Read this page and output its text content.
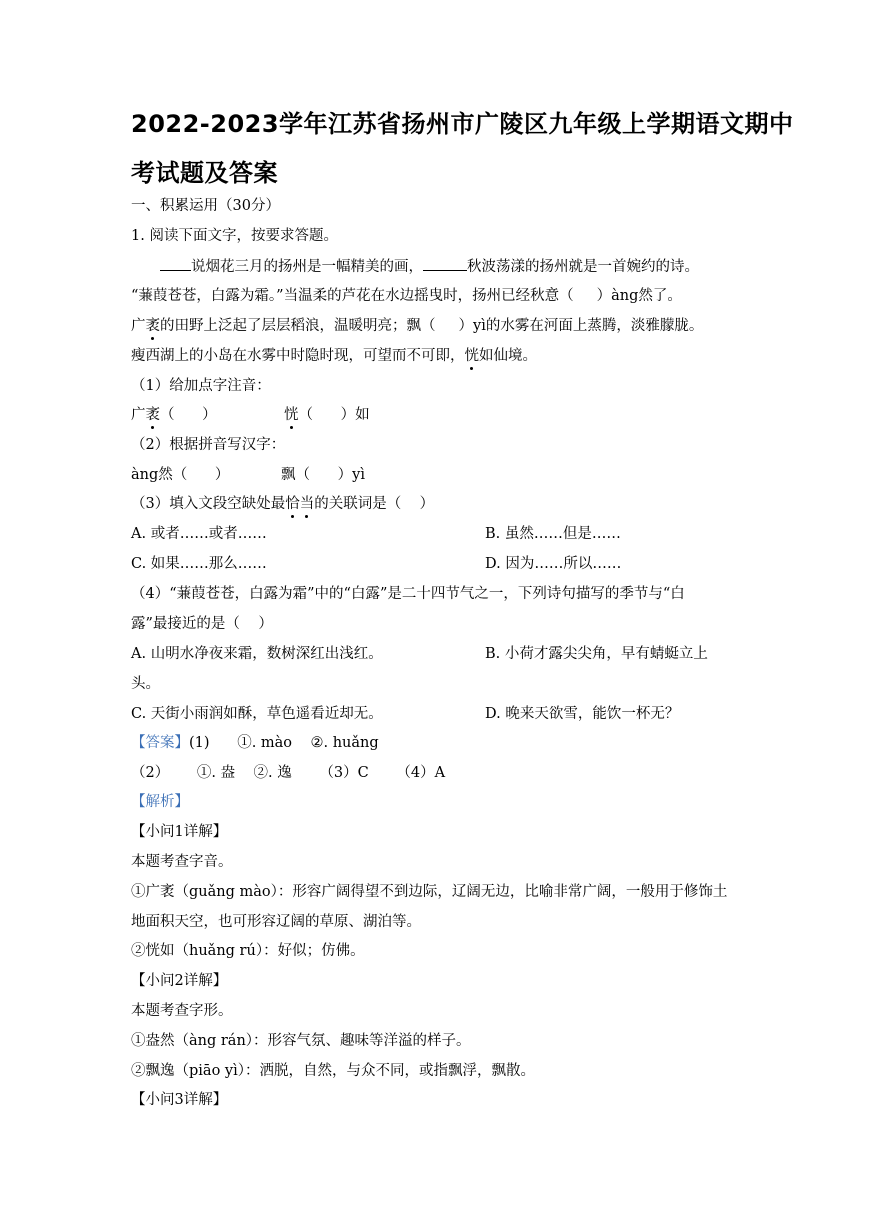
2022-2023学年江苏省扬州市广陵区九年级上学期语文期中
考试题及答案
一、积累运用（30分）
1. 阅读下面文字，按要求答题。
说烟花三月的扬州是一幅精美的画，	秋波荡漾的扬州就是一首婉约的诗。
“蒹葭苍苍，白露为霜。”当温柔的芦花在水边摇曳时，扬州已经秋意（     ）àng然了。
广袤的田野上泛起了层层稻浪，温暖明亮；飘（     ）yì的水雾在河面上蒸腾，淡雅朦胧。
瘦西湖上的小岛在水雾中时隐时现，可望而不可即，恍如仙境。
（1）给加点字注音：
广袤（      ）	恍（      ）如
（2）根据拼音写汉字：
àng然（      ）	飘（      ）yì
（3）填入文段空缺处最恰当的关联词是（    ）
A. 或者……或者……	B. 虽然……但是……
C. 如果……那么……	D. 因为……所以……
（4）“蒹葭苍苍，白露为霜”中的“白露”是二十四节气之一，下列诗句描写的季节与“白
露”最接近的是（    ）
A. 山明水净夜来霜，数树深红出浅红。	B. 小荷才露尖尖角，早有蜻蜓立上
头。
C. 天街小雨润如酥，草色遥看近却无。	D. 晚来天欲雪，能饮一杯无？
【答案】(1)      ①. mào    ②. huǎng
（2）      ①. 盎    ②. 逸      （3）C      （4）A
【解析】
【小问1详解】
本题考查字音。
①广袤（guǎng mào）：形容广阔得望不到边际，辽阔无边，比喻非常广阔，一般用于修饰土
地面积天空，也可形容辽阔的草原、湖泊等。
②恍如（huǎng rú）：好似；仿佛。
【小问2详解】
本题考查字形。
①盎然（àng rán）：形容气氛、趣味等洋溢的样子。
②飘逸（piāo yì）：洒脱，自然，与众不同，或指飘浮，飘散。
【小问3详解】
